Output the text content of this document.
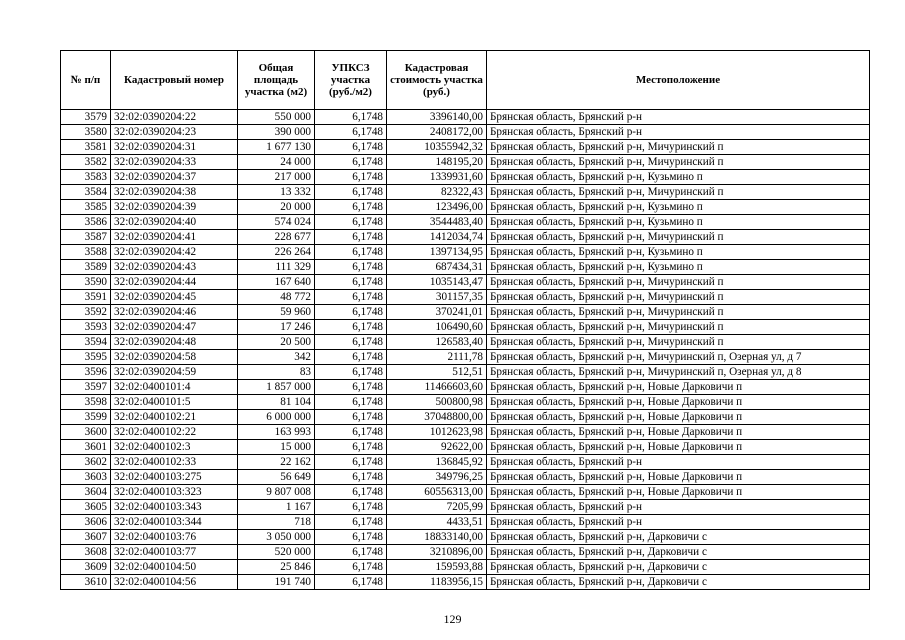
№ п/п	Кадастровый номер	Общая площадь участка (м2)	УПКСЗ участка (руб./м2)	Кадастровая стоимость участка (руб.)	Местоположение
3579	32:02:0390204:22	550 000	6,1748	3396140,00	Брянская область, Брянский р-н
3580	32:02:0390204:23	390 000	6,1748	2408172,00	Брянская область, Брянский р-н
3581	32:02:0390204:31	1 677 130	6,1748	10355942,32	Брянская область, Брянский р-н, Мичуринский п
3582	32:02:0390204:33	24 000	6,1748	148195,20	Брянская область, Брянский р-н, Мичуринский п
3583	32:02:0390204:37	217 000	6,1748	1339931,60	Брянская область, Брянский р-н, Кузьмино п
3584	32:02:0390204:38	13 332	6,1748	82322,43	Брянская область, Брянский р-н, Мичуринский п
3585	32:02:0390204:39	20 000	6,1748	123496,00	Брянская область, Брянский р-н, Кузьмино п
3586	32:02:0390204:40	574 024	6,1748	3544483,40	Брянская область, Брянский р-н, Кузьмино п
3587	32:02:0390204:41	228 677	6,1748	1412034,74	Брянская область, Брянский р-н, Мичуринский п
3588	32:02:0390204:42	226 264	6,1748	1397134,95	Брянская область, Брянский р-н, Кузьмино п
3589	32:02:0390204:43	111 329	6,1748	687434,31	Брянская область, Брянский р-н, Кузьмино п
3590	32:02:0390204:44	167 640	6,1748	1035143,47	Брянская область, Брянский р-н, Мичуринский п
3591	32:02:0390204:45	48 772	6,1748	301157,35	Брянская область, Брянский р-н, Мичуринский п
3592	32:02:0390204:46	59 960	6,1748	370241,01	Брянская область, Брянский р-н, Мичуринский п
3593	32:02:0390204:47	17 246	6,1748	106490,60	Брянская область, Брянский р-н, Мичуринский п
3594	32:02:0390204:48	20 500	6,1748	126583,40	Брянская область, Брянский р-н, Мичуринский п
3595	32:02:0390204:58	342	6,1748	2111,78	Брянская область, Брянский р-н, Мичуринский п, Озерная ул, д 7
3596	32:02:0390204:59	83	6,1748	512,51	Брянская область, Брянский р-н, Мичуринский п, Озерная ул, д 8
3597	32:02:0400101:4	1 857 000	6,1748	11466603,60	Брянская область, Брянский р-н, Новые Дарковичи п
3598	32:02:0400101:5	81 104	6,1748	500800,98	Брянская область, Брянский р-н, Новые Дарковичи п
3599	32:02:0400102:21	6 000 000	6,1748	37048800,00	Брянская область, Брянский р-н, Новые Дарковичи п
3600	32:02:0400102:22	163 993	6,1748	1012623,98	Брянская область, Брянский р-н, Новые Дарковичи п
3601	32:02:0400102:3	15 000	6,1748	92622,00	Брянская область, Брянский р-н, Новые Дарковичи п
3602	32:02:0400102:33	22 162	6,1748	136845,92	Брянская область, Брянский р-н
3603	32:02:0400103:275	56 649	6,1748	349796,25	Брянская область, Брянский р-н, Новые Дарковичи п
3604	32:02:0400103:323	9 807 008	6,1748	60556313,00	Брянская область, Брянский р-н, Новые Дарковичи п
3605	32:02:0400103:343	1 167	6,1748	7205,99	Брянская область, Брянский р-н
3606	32:02:0400103:344	718	6,1748	4433,51	Брянская область, Брянский р-н
3607	32:02:0400103:76	3 050 000	6,1748	18833140,00	Брянская область, Брянский р-н, Дарковичи с
3608	32:02:0400103:77	520 000	6,1748	3210896,00	Брянская область, Брянский р-н, Дарковичи с
3609	32:02:0400104:50	25 846	6,1748	159593,88	Брянская область, Брянский р-н, Дарковичи с
3610	32:02:0400104:56	191 740	6,1748	1183956,15	Брянская область, Брянский р-н, Дарковичи с
129
